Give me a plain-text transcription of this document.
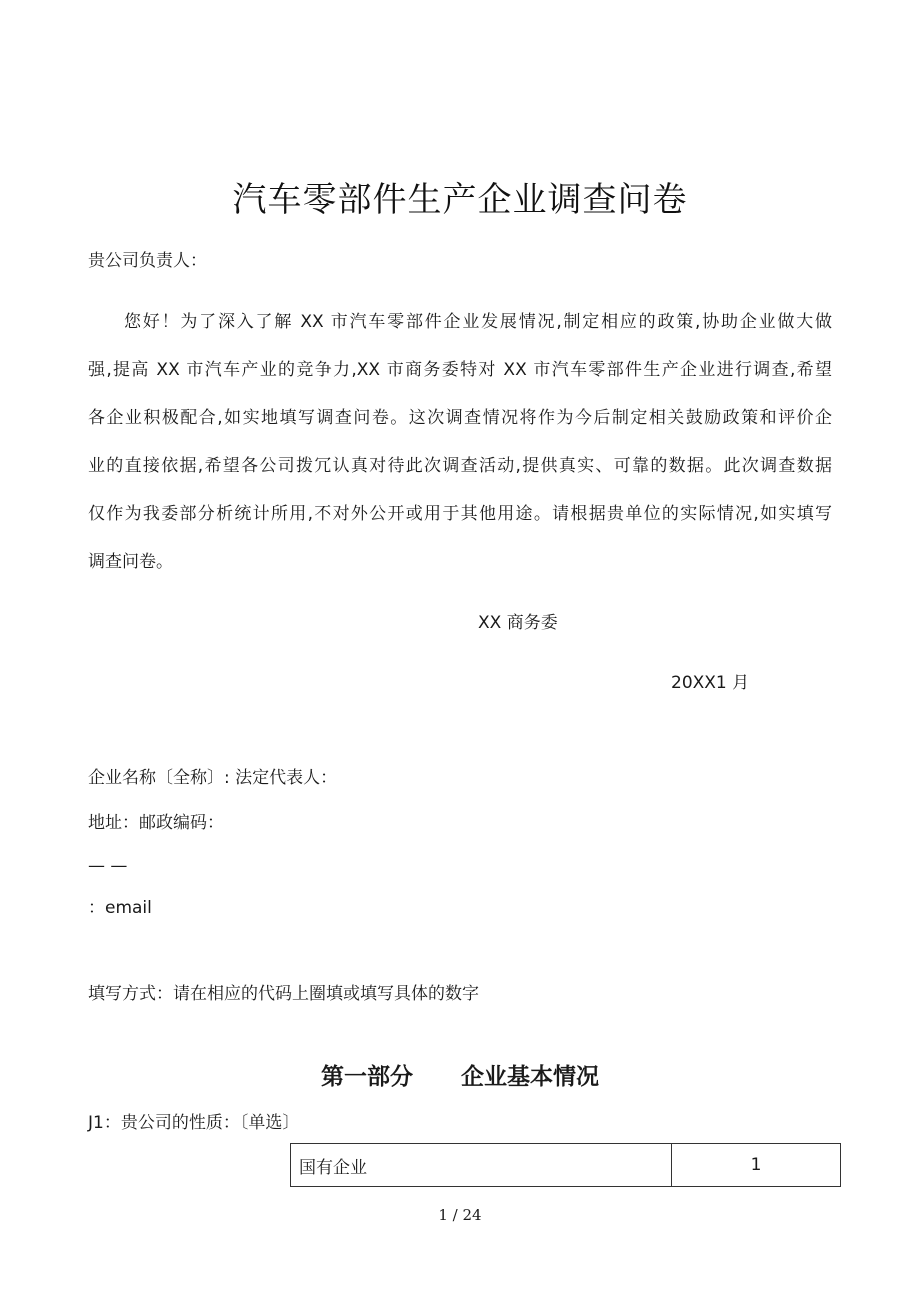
汽车零部件生产企业调查问卷
贵公司负责人：

您好！为了深入了解 XX 市汽车零部件企业发展情况,制定相应的政策,协助企业做大做

强,提高 XX 市汽车产业的竞争力,XX 市商务委特对 XX 市汽车零部件生产企业进行调查,希望

各企业积极配合,如实地填写调查问卷。这次调查情况将作为今后制定相关鼓励政策和评价企

业的直接依据,希望各公司拨冗认真对待此次调查活动,提供真实、可靠的数据。此次调查数据

仅作为我委部分析统计所用,不对外公开或用于其他用途。请根据贵单位的实际情况,如实填写

调查问卷。

XX 商务委
20XX1 月
企业名称〔全称〕: 法定代表人：
地址：邮政编码：
— —
：email
填写方式：请在相应的代码上圈填或填写具体的数字
第一部分 企业基本情况
J1：贵公司的性质：〔单选〕
国有企业	1
1 / 24
